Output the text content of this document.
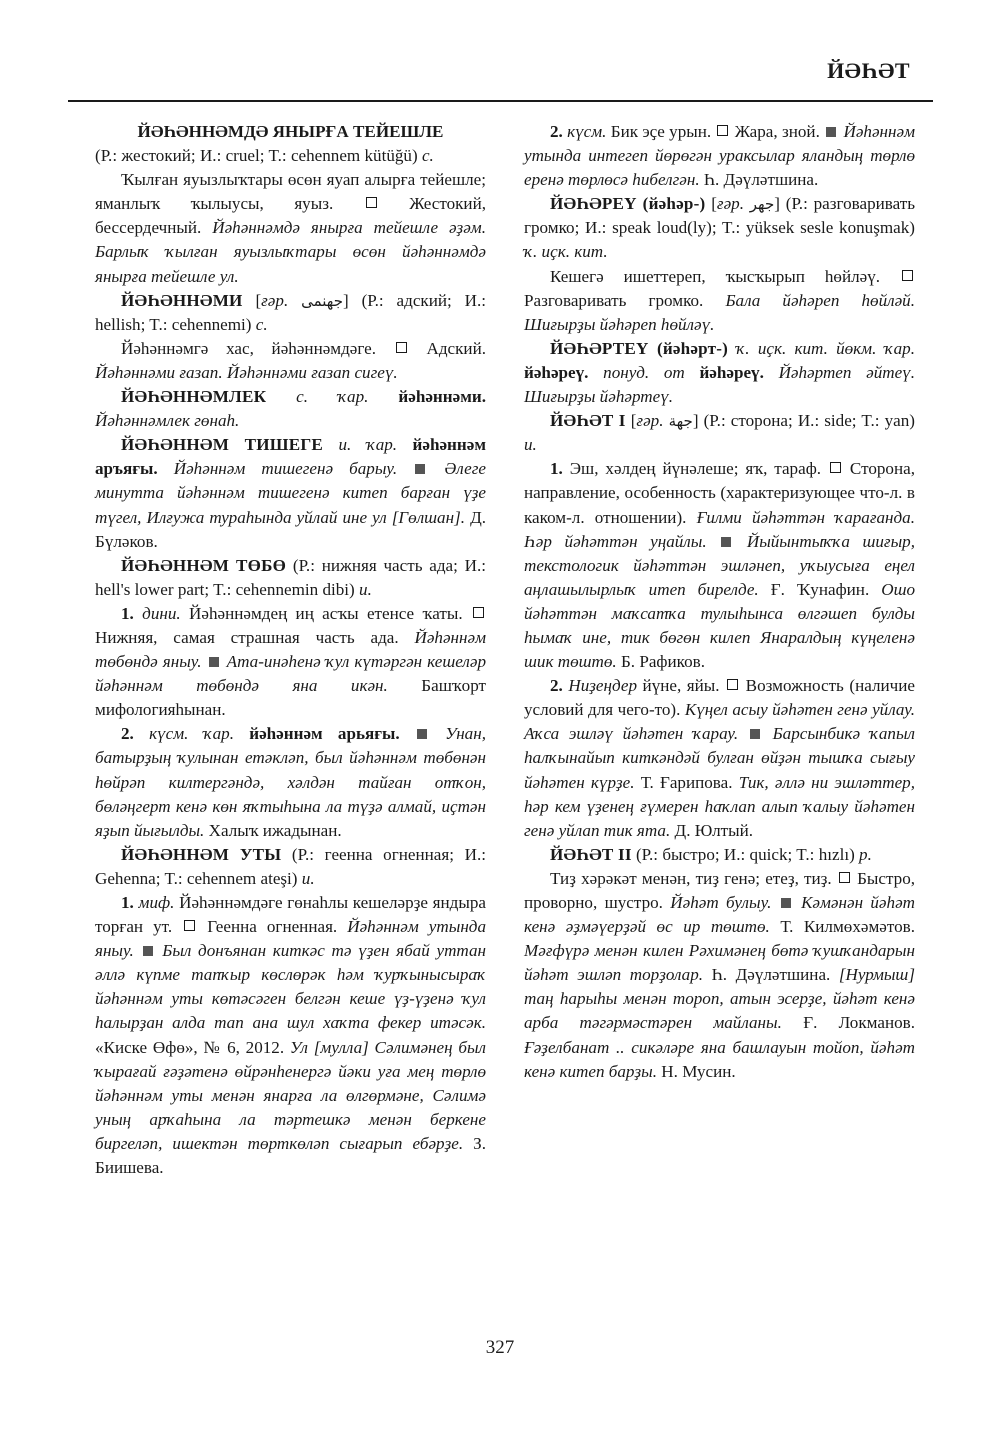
ЙӘҺӘТ

ЙӘҺӘННӘМДӘ ЯНЫРҒА ТЕЙЕШЛЕ

(Р.: жестокий; И.: cruel; T.: cehennem kütüğü) с.

Ҡылған яуызлыҡтары өсөн яуап алырға тейешле; яманлыҡ ҡылыусы, яуыз.	Жестокий, бессердечный. Йәһәннәмдә янырға тейешле әҙәм. Барлыҡ ҡылған яуызлыҡтары өсөн йәһәннәмдә янырға тейешле ул.

ЙӘҺӘННӘМИ [ғәр. جهنمى] (Р.: адский; И.: hellish; T.: cehennemi) с.

Йәһәннәмгә хас, йәһәннәмдәге.	Адский. Йәһәннәми ғазап. Йәһәннәми ғазап сигеү.

ЙӘҺӘННӘМЛЕК с. ҡар. йәһәннәми. Йәһәннәмлек гөнаһ.

ЙӘҺӘННӘМ ТИШЕГЕ и. ҡар. йәһәннәм аръяғы. Йәһәннәм тишегенә барыу.	Әлеге минутта йәһәннәм тишегенә китеп барған үҙе түгел, Илғужа тураһында уйлай ине ул [Гөлшан]. Д. Бүләков.

ЙӘҺӘННӘМ ТӨБӨ (Р.: нижняя часть ада; И.: hell's lower part; T.: cehennemin dibi) и.

1. дини. Йәһәннәмдең иң асҡы етенсе ҡаты.  Нижняя, самая страшная часть ада. Йәһәннәм төбөндә яныу. Ата-инәһенә ҡул күтәргән кешеләр йәһәннәм төбөндә яна икән. Башҡорт мифологияһынан.

2. күсм. ҡар. йәһәннәм арьяғы.	Унан, батырҙың ҡулынан етәкләп, был йәһәннәм төбөнән һөйрәп килтергәндә, хәлдән тайған отҡон, бөләңгерт кенә көн яҡтыһына ла түҙә алмай, иҫтән яҙып йығылды. Халыҡ ижадынан.

ЙӘҺӘННӘМ УТЫ (Р.: геенна огненная; И.: Gehenna; T.: cehennem ateşi) и.

1. миф. Йәһәннәмдәге гөнаһлы кешеләрҙе яндыра торған ут. Геенна огненная. Йәһәннәм утында яныу. Был донъянан киткәс тә үҙен ябай уттан әллә күпме тапҡыр көслөрәк һәм ҡурҡынысыраҡ йәһәннәм уты көтәсәген белгән кеше үҙ-үҙенә ҡул һалырҙан алда тап ана шул хаҡта фекер итәсәк. «Киске Өфө», № 6, 2012. Ул [мулла] Сәлимәнең был ҡырағай ғәҙәтенә өйрәнһенергә йәки уға мең төрлө йәһәннәм уты менән янарға ла өлгөрмәне, Сәлимә уның арҡаһына ла тәртешкә менән беркене биргеләп, ишектән төрткөләп сығарып ебәрҙе. З. Биишева.

2. күсм. Бик эҫе урын. Жара, зной. Йәһәннәм утында интегеп йөрөгән ураксылар яландың төрлө еренә төрлөсә һибелгән. Һ. Дәүләтшина.

ЙӘҺӘРЕҮ (йәһәр-) [ғәр. جهر] (Р.: разговаривать громко; И.: speak loud(ly); T.: yüksek sesle konuşmak) ҡ. иҫк. кит.

Кешегә ишеттереп, ҡысҡырып һөйләү.  Разговаривать громко. Бала йәһәреп һөйләй. Шиғырҙы йәһәреп һөйләү.

ЙӘҺӘРТЕҮ (йәһәрт-) ҡ. иҫк. кит. йөкм. ҡар. йәһәреү. понуд. от йәһәреү. Йәһәртеп әйтеү. Шиғырҙы йәһәртеү.

ЙӘҺӘТ I [ғәр. جهة] (Р.: сторона; И.: side; T.: yan) и.

1. Эш, хәлдең йүнәлеше; яҡ, тараф. Сторона, направление, особенность (характеризующее что-л. в каком-л. отношении). Ғилми йәһәттән ҡарағанда. Һәр йәһәттән уңайлы. Йыйынтыҡҡа шиғыр, текстологик йәһәттән эшләнеп, уҡыусыға еңел аңлашылырлыҡ итеп бирелде. Ғ. Ҡунафин. Ошо йәһәттән маҡсатҡа тулыһынса өлгәшеп булды һымаҡ ине, тик бөгөн килеп Янаралдың күңеленә шик төштө. Б. Рафиков.

2. Ниҙеңдер йүне, яйы. Возможность (наличие условий для чего-то). Күңел асыу йәһәтен генә уйлау. Аҡса эшләү йәһәтен ҡарау. Барсынбикә ҡапыл һалҡынайып киткәндәй булған өйҙән тышҡа сығыу йәһәтен күрҙе. Т. Ғарипова. Тик, әллә ни эшләттер, һәр кем үҙенең ғүмерен һаҡлап алып ҡалыу йәһәтен генә уйлап тик ята. Д. Юлтый.

ЙӘҺӘТ II (Р.: быстро; И.: quick; T.: hızlı) р.

Тиҙ хәрәкәт менән, тиҙ генә; етеҙ, тиҙ. Быстро, проворно, шустро. Йәһәт булыу. Кәмәнән йәһәт кенә әҙмәүерҙәй өс ир төштө. Т. Килмөхәмәтов. Мәғфүрә менән килен Рәхимәнең бөтә ҡушҡандарын йәһәт эшләп торҙолар. Һ. Дәүләтшина. [Нурмыш] таң һарыһы менән тороп, атын эсерҙе, йәһәт кенә арба тәгәрмәстәрен майланы. Ғ. Локманов. Ғәҙелбанат .. сикәләре яна башлауын тойоп, йәһәт кенә китеп барҙы. Н. Мусин.

327
